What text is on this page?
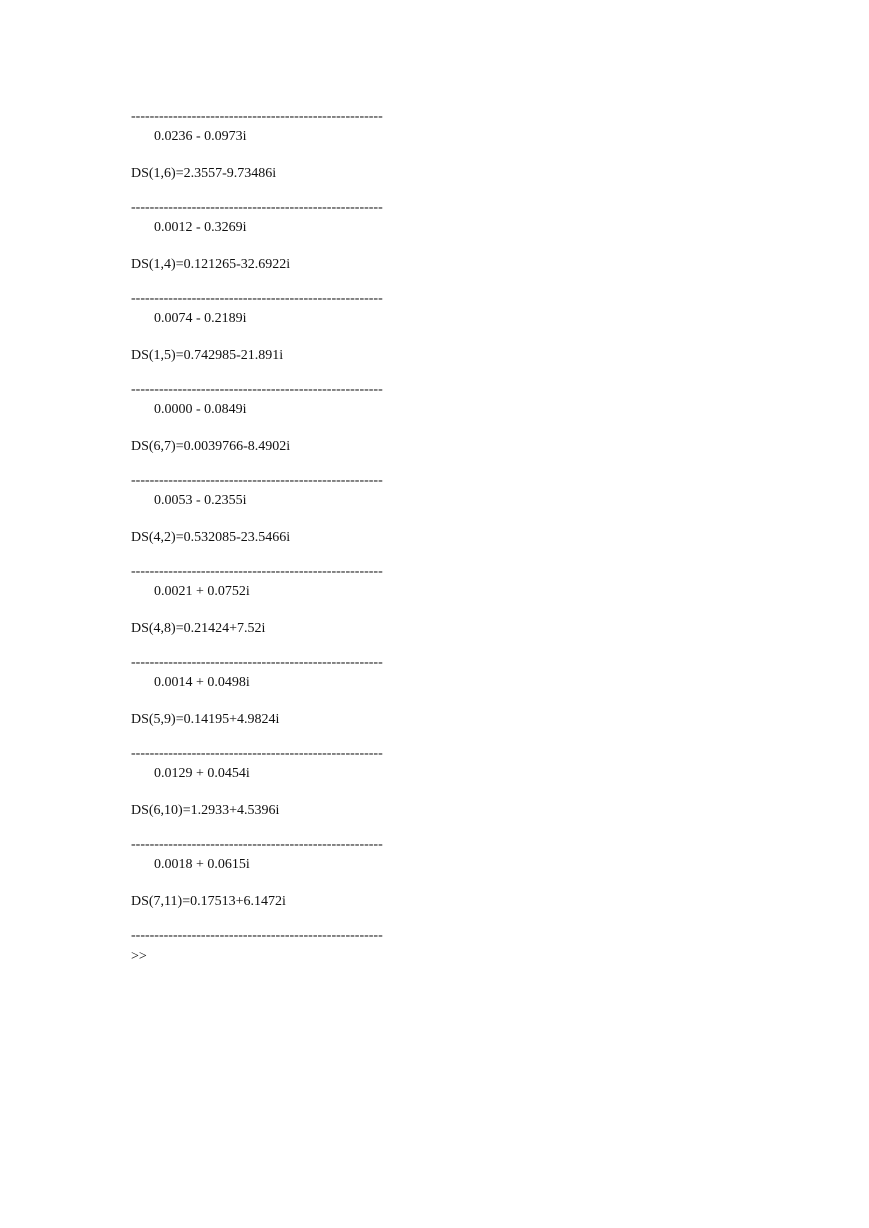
------------------------------------------------------
0.0236 - 0.0973i
DS(1,6)=2.3557-9.73486i
------------------------------------------------------
0.0012 - 0.3269i
DS(1,4)=0.121265-32.6922i
------------------------------------------------------
0.0074 - 0.2189i
DS(1,5)=0.742985-21.891i
------------------------------------------------------
0.0000 - 0.0849i
DS(6,7)=0.0039766-8.4902i
------------------------------------------------------
0.0053 - 0.2355i
DS(4,2)=0.532085-23.5466i
------------------------------------------------------
0.0021 + 0.0752i
DS(4,8)=0.21424+7.52i
------------------------------------------------------
0.0014 + 0.0498i
DS(5,9)=0.14195+4.9824i
------------------------------------------------------
0.0129 + 0.0454i
DS(6,10)=1.2933+4.5396i
------------------------------------------------------
0.0018 + 0.0615i
DS(7,11)=0.17513+6.1472i
------------------------------------------------------
>>
